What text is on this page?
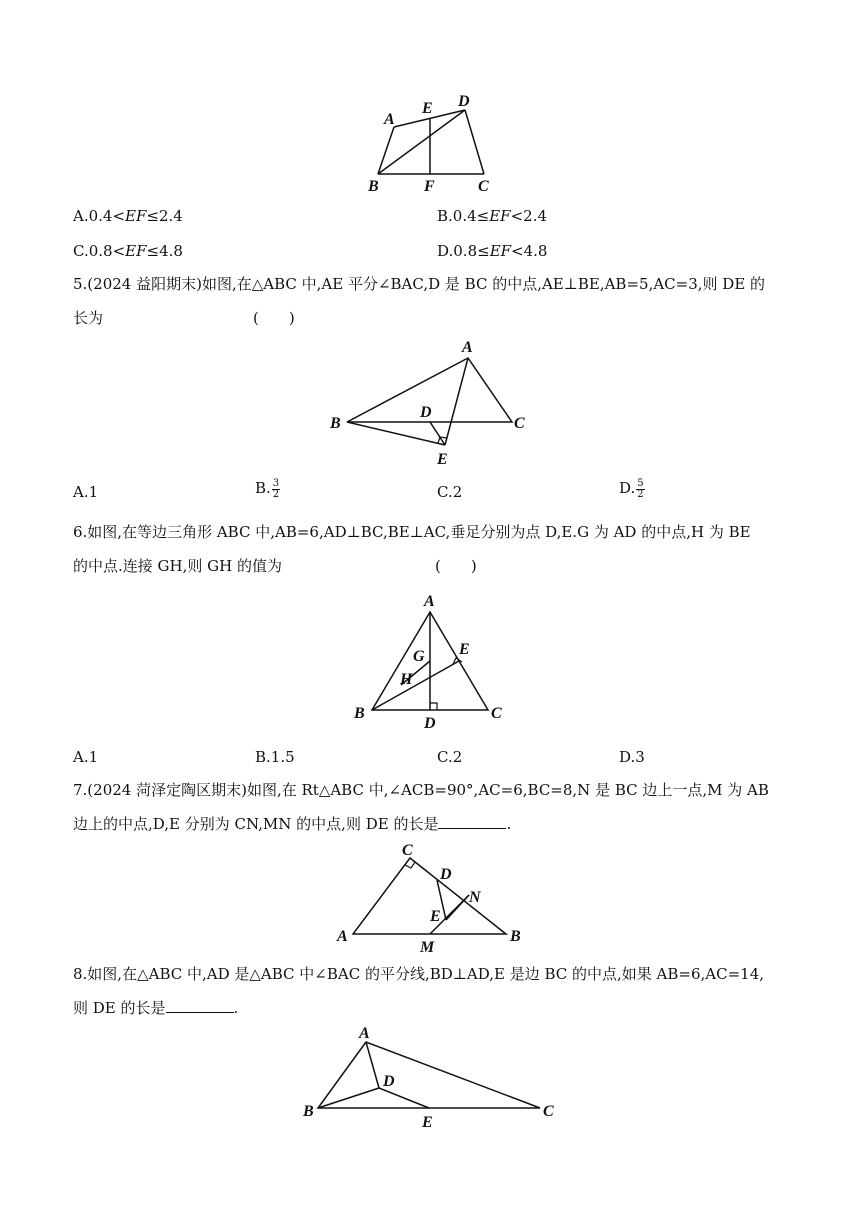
A
E D
B	F	C
A.0.4<EF≤2.4	B.0.4≤EF<2.4
C.0.8<EF≤4.8	D.0.8≤EF<4.8
5.(2024 益阳期末)如图,在△ABC 中,AE 平分∠BAC,D 是 BC 的中点,AE⊥BE,AB=5,AC=3,则 DE 的
长为	(　　)
A
B
D
C
E
A.1	B. $\frac{3}{2}$	C.2	D. $\frac{5}{2}$
6.如图,在等边三角形 ABC 中,AB=6,AD⊥BC,BE⊥AC,垂足分别为点 D,E.G 为 AD 的中点,H 为 BE
的中点.连接 GH,则 GH 的值为	(　　)
A
E
G
H
B
D
C
A.1	B.1.5	C.2	D.3
7.(2024 菏泽定陶区期末)如图,在 Rt△ABC 中,∠ACB=90°,AC=6,BC=8,N 是 BC 边上一点,M 为 AB
边上的中点,D,E 分别为 CN,MN 的中点,则 DE 的长是	.
C
D
N
E
A
M
B
8.如图,在△ABC 中,AD 是△ABC 中∠BAC 的平分线,BD⊥AD,E 是边 BC 的中点,如果 AB=6,AC=14,
则 DE 的长是	.
A
D
B
E
C
